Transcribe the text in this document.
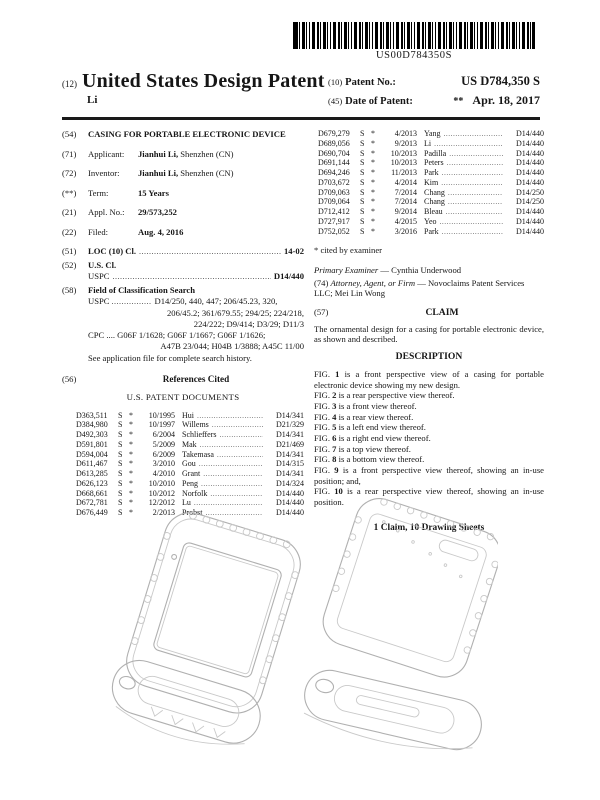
US00D784350S
(12) United States Design Patent
Li
(10) Patent No.:	US D784,350 S
(45) Date of Patent:	** Apr. 18, 2017
(54)	CASING FOR PORTABLE ELECTRONIC DEVICE
(71)	Applicant:	Jianhui Li, Shenzhen (CN)
(72)	Inventor:	Jianhui Li, Shenzhen (CN)
(**)	Term:	15 Years
(21)	Appl. No.:	29/573,252
(22)	Filed:	Aug. 4, 2016
(51)	LOC (10) Cl. .....	14-02
(52)	U.S. Cl.
USPC .....	D14/440
(58)	Field of Classification Search
USPC .....	D14/250, 440, 447; 206/45.23, 320,
206/45.2; 361/679.55; 294/25; 224/218,
224/222; D9/414; D3/29; D11/3
CPC .... G06F 1/1628; G06F 1/1667; G06F 1/1626;
A47B 23/044; H04B 1/3888; A45C 11/00
See application file for complete search history.
(56)	References Cited
U.S. PATENT DOCUMENTS
D363,511	S *	10/1995 Hui .....	D14/341
D384,980	S *	10/1997 Willems .....	D21/329
D492,303	S *	6/2004 Schlieffers .....	D14/341
D591,801	S *	5/2009 Mak .....	D21/469
D594,004	S *	6/2009 Takemasa .....	D14/341
D611,467	S *	3/2010 Gou .....	D14/315
D613,285	S *	4/2010 Grant .....	D14/341
D626,123	S *	10/2010 Peng .....	D14/324
D668,661	S *	10/2012 Norfolk .....	D14/440
D672,781	S *	12/2012 Lu .....	D14/440
D676,449	S *	2/2013 Probst .....	D14/440
D679,279	S *	4/2013 Yang .....	D14/440
D689,056	S *	9/2013 Li .....	D14/440
D690,704	S *	10/2013 Padilla .....	D14/440
D691,144	S *	10/2013 Peters .....	D14/440
D694,246	S *	11/2013 Park .....	D14/440
D703,672	S *	4/2014 Kim .....	D14/440
D709,063	S *	7/2014 Chang .....	D14/250
D709,064	S *	7/2014 Chang .....	D14/250
D712,412	S *	9/2014 Bleau .....	D14/440
D727,917	S *	4/2015 Yeo .....	D14/440
D752,052	S *	3/2016 Park .....	D14/440
* cited by examiner

Primary Examiner — Cynthia Underwood

(74) Attorney, Agent, or Firm — Novoclaims Patent Services LLC; Mei Lin Wong

(57)	CLAIM

The ornamental design for a casing for portable electronic device, as shown and described.

DESCRIPTION

FIG. 1 is a front perspective view of a casing for portable electronic device showing my new design.

FIG. 2 is a rear perspective view thereof.

FIG. 3 is a front view thereof.

FIG. 4 is a rear view thereof.

FIG. 5 is a left end view thereof.

FIG. 6 is a right end view thereof.

FIG. 7 is a top view thereof.

FIG. 8 is a bottom view thereof.

FIG. 9 is a front perspective view thereof, showing an in-use position; and,

FIG. 10 is a rear perspective view thereof, showing an in-use position.

1 Claim, 10 Drawing Sheets
